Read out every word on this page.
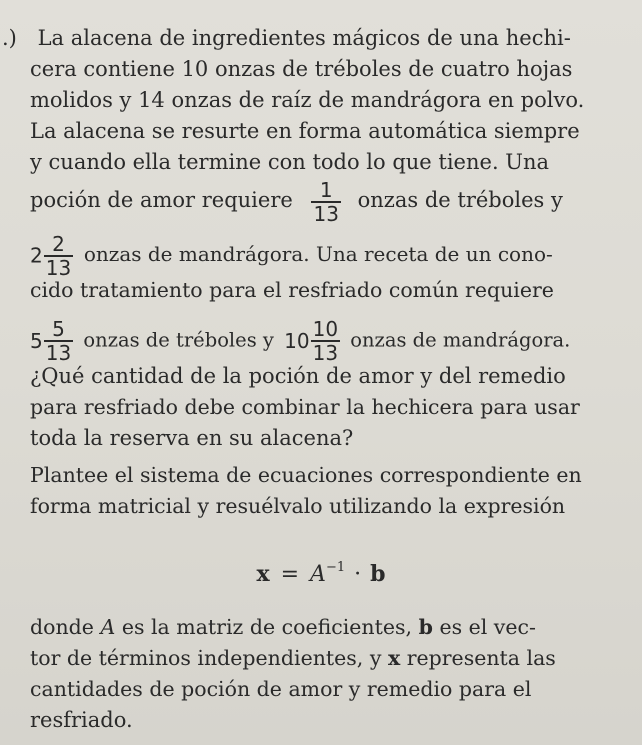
.) La alacena de ingredientes mágicos de una hechi-
cera contiene 10 onzas de tréboles de cuatro hojas
molidos y 14 onzas de raíz de mandrágora en polvo.
La alacena se resurte en forma automática siempre
y cuando ella termine con todo lo que tiene. Una
poción de amor requiere $\frac{1}{13}$ onzas de tréboles y
$2 \frac{2}{13}$ onzas de mandrágora. Una receta de un cono-
cido tratamiento para el resfriado común requiere
$5 \frac{5}{13}$ onzas de tréboles y $10 \frac{10}{13}$ onzas de mandrágora.
¿Qué cantidad de la poción de amor y del remedio
para resfriado debe combinar la hechicera para usar
toda la reserva en su alacena?
Plantee el sistema de ecuaciones correspondiente en
forma matricial y resuélvalo utilizando la expresión
$x = A^{-1} \cdot b$
donde A es la matriz de coeficientes, b es el vec-
tor de términos independientes, y x representa las
cantidades de poción de amor y remedio para el
resfriado.
